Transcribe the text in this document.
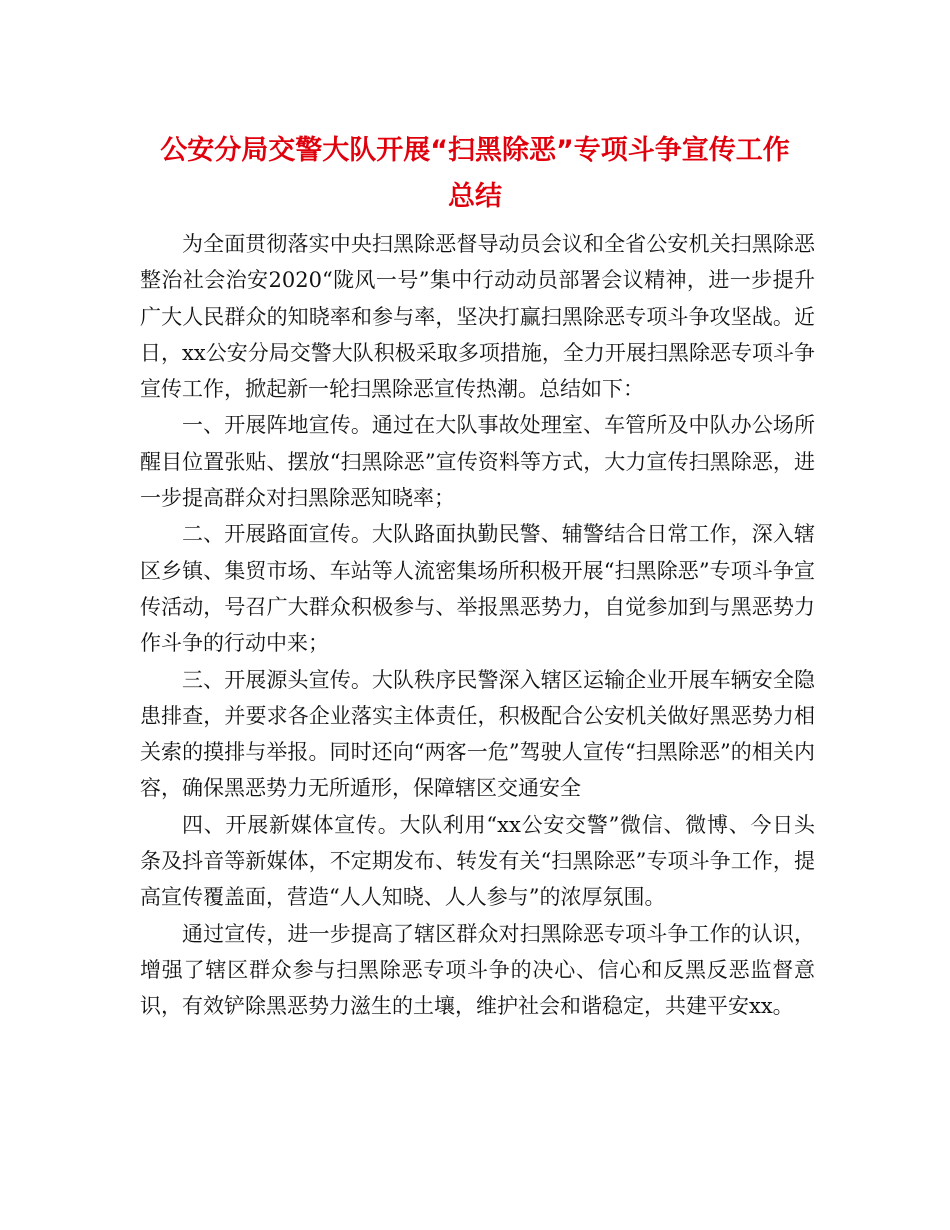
公安分局交警大队开展“扫黑除恶”专项斗争宣传工作
总结

为全面贯彻落实中央扫黑除恶督导动员会议和全省公安机关扫黑除恶整治社会治安2020“陇风一号”集中行动动员部署会议精神，进一步提升广大人民群众的知晓率和参与率，坚决打赢扫黑除恶专项斗争攻坚战。近日，xx公安分局交警大队积极采取多项措施，全力开展扫黑除恶专项斗争宣传工作，掀起新一轮扫黑除恶宣传热潮。总结如下：

一、开展阵地宣传。通过在大队事故处理室、车管所及中队办公场所醒目位置张贴、摆放“扫黑除恶”宣传资料等方式，大力宣传扫黑除恶，进一步提高群众对扫黑除恶知晓率；

二、开展路面宣传。大队路面执勤民警、辅警结合日常工作，深入辖区乡镇、集贸市场、车站等人流密集场所积极开展“扫黑除恶”专项斗争宣传活动，号召广大群众积极参与、举报黑恶势力，自觉参加到与黑恶势力作斗争的行动中来；

三、开展源头宣传。大队秩序民警深入辖区运输企业开展车辆安全隐患排查，并要求各企业落实主体责任，积极配合公安机关做好黑恶势力相关索的摸排与举报。同时还向“两客一危”驾驶人宣传“扫黑除恶”的相关内容，确保黑恶势力无所遁形，保障辖区交通安全

四、开展新媒体宣传。大队利用“xx公安交警”微信、微博、今日头条及抖音等新媒体，不定期发布、转发有关“扫黑除恶”专项斗争工作，提高宣传覆盖面，营造“人人知晓、人人参与”的浓厚氛围。

通过宣传，进一步提高了辖区群众对扫黑除恶专项斗争工作的认识，增强了辖区群众参与扫黑除恶专项斗争的决心、信心和反黑反恶监督意识，有效铲除黑恶势力滋生的土壤，维护社会和谐稳定，共建平安xx。
